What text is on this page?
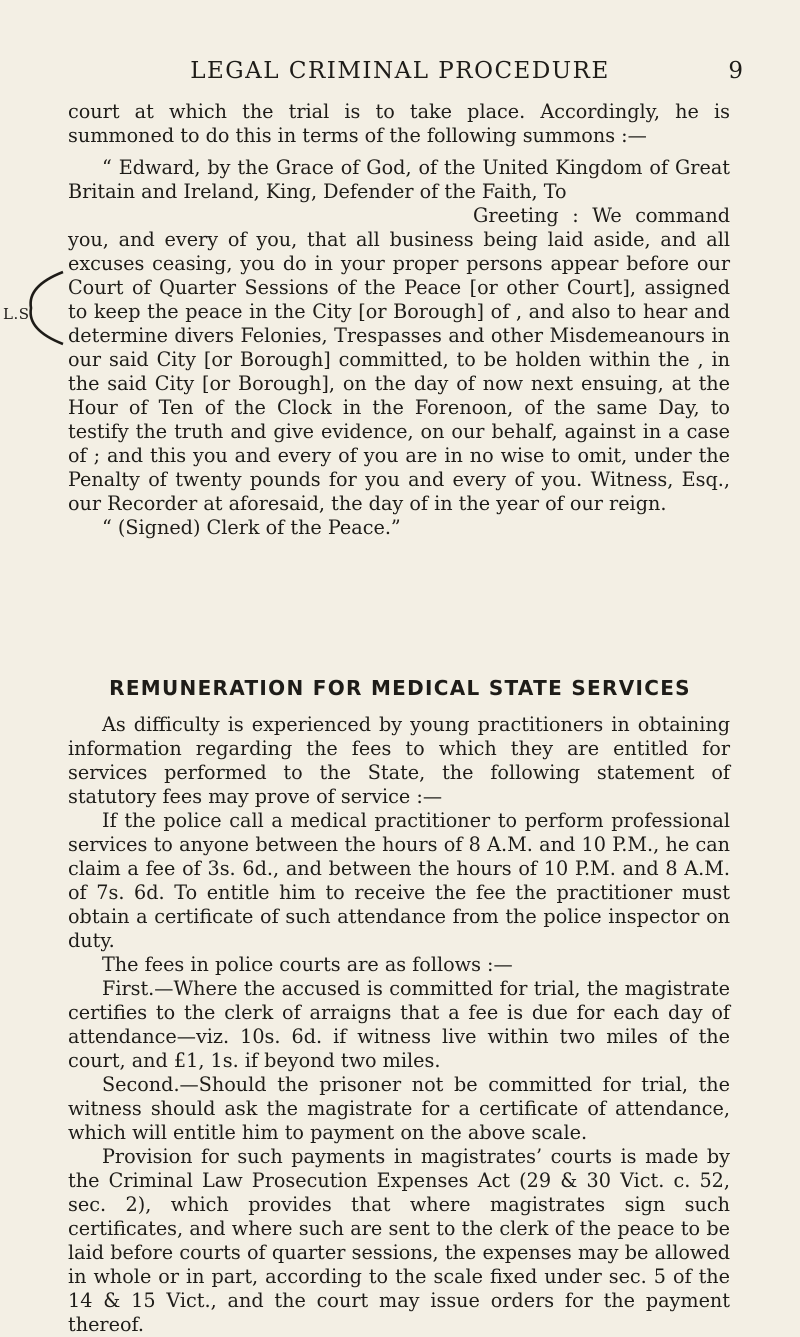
LEGAL CRIMINAL PROCEDURE	9
L.S.

court at which the trial is to take place. Accordingly, he is summoned to do this in terms of the following summons :—

“ Edward, by the Grace of God, of the United Kingdom of Great Britain and Ireland, King, Defender of the Faith, To

Greeting : We command you, and every of you, that all business being laid aside, and all excuses ceasing, you do in your proper persons appear before our Court of Quarter Sessions of the Peace [or other Court], assigned to keep the peace in the City [or Borough] of , and also to hear and determine divers Felonies, Trespasses and other Misdemeanours in our said City [or Borough] committed, to be holden within the , in the said City [or Borough], on the day of now next ensuing, at the Hour of Ten of the Clock in the Forenoon, of the same Day, to testify the truth and give evidence, on our behalf, against in a case of ; and this you and every of you are in no wise to omit, under the Penalty of twenty pounds for you and every of you. Witness, Esq., our Recorder at aforesaid, the day of in the year of our reign.

“ (Signed) Clerk of the Peace.”

REMUNERATION FOR MEDICAL STATE SERVICES

As difficulty is experienced by young practitioners in obtaining information regarding the fees to which they are entitled for services performed to the State, the following statement of statutory fees may prove of service :—

If the police call a medical practitioner to perform professional services to anyone between the hours of 8 A.M. and 10 P.M., he can claim a fee of 3s. 6d., and between the hours of 10 P.M. and 8 A.M. of 7s. 6d. To entitle him to receive the fee the practitioner must obtain a certificate of such attendance from the police inspector on duty.

The fees in police courts are as follows :—

First.—Where the accused is committed for trial, the magistrate certifies to the clerk of arraigns that a fee is due for each day of attendance—viz. 10s. 6d. if witness live within two miles of the court, and £1, 1s. if beyond two miles.

Second.—Should the prisoner not be committed for trial, the witness should ask the magistrate for a certificate of attendance, which will entitle him to payment on the above scale.

Provision for such payments in magistrates’ courts is made by the Criminal Law Prosecution Expenses Act (29 & 30 Vict. c. 52, sec. 2), which provides that where magistrates sign such certificates, and where such are sent to the clerk of the peace to be laid before courts of quarter sessions, the expenses may be allowed in whole or in part, according to the scale fixed under sec. 5 of the 14 & 15 Vict., and the court may issue orders for the payment thereof.
